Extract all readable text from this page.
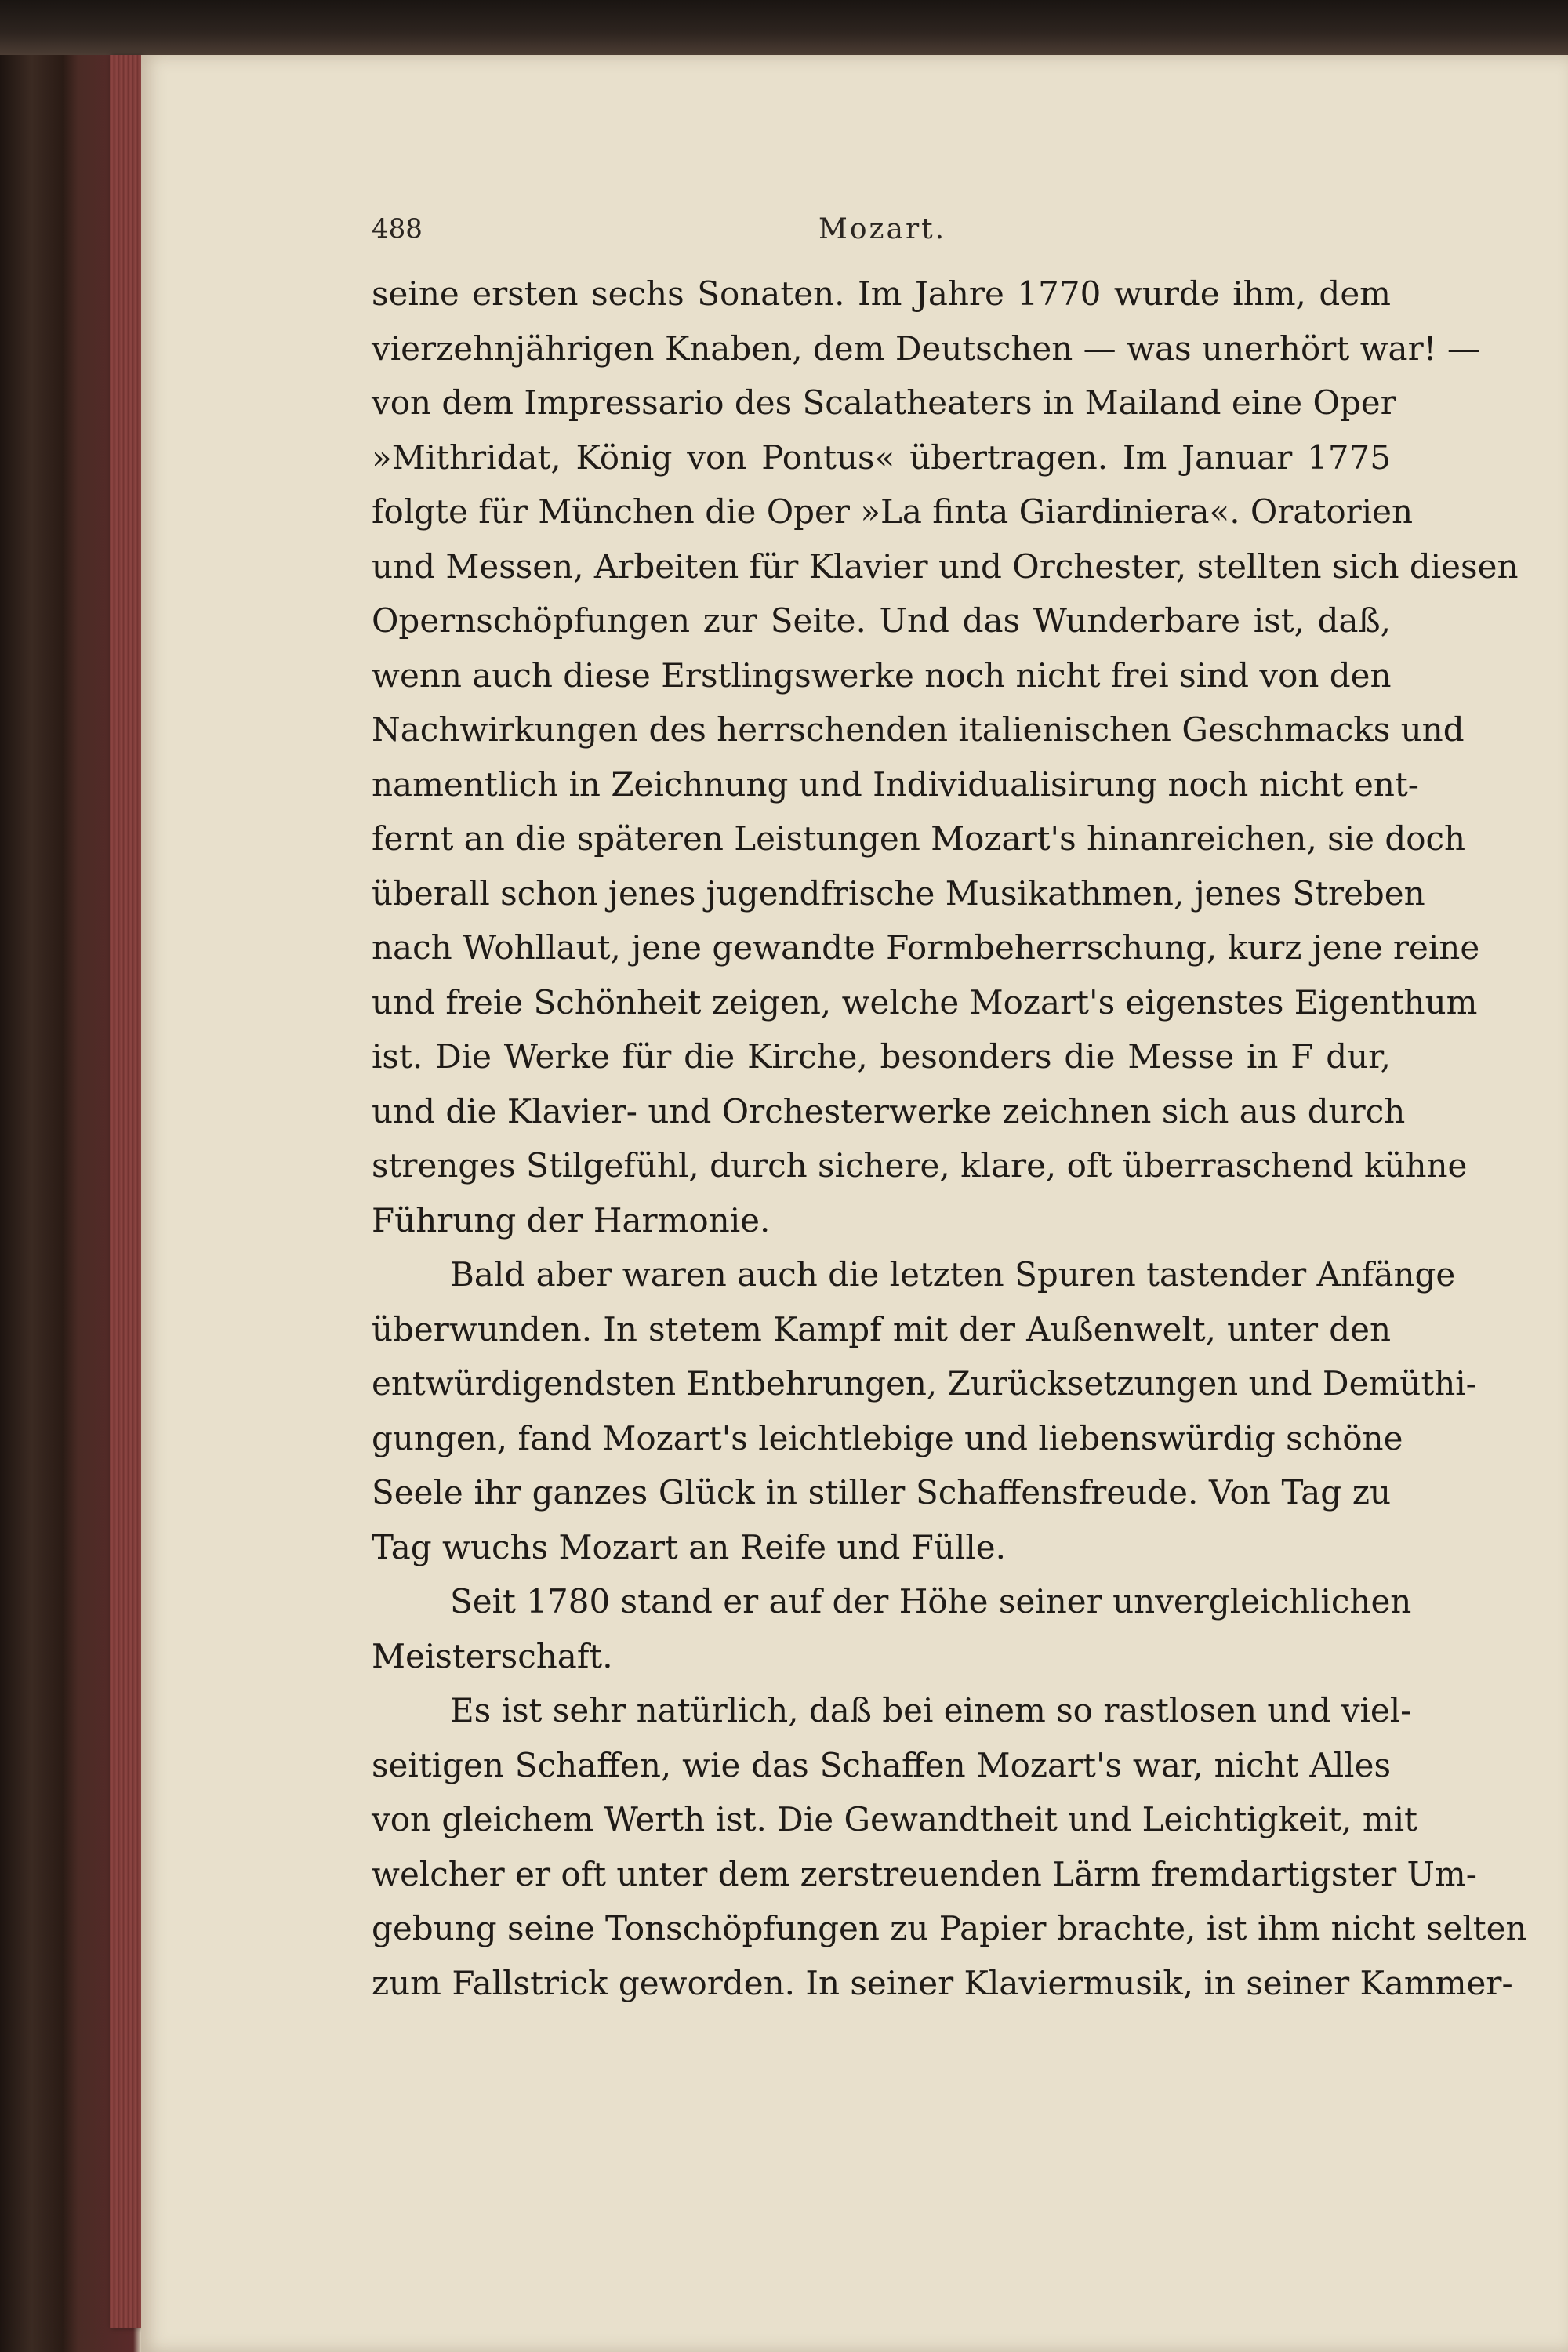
488	Mozart.
seine ersten sechs Sonaten. Im Jahre 1770 wurde ihm, dem
vierzehnjährigen Knaben, dem Deutschen — was unerhört war! —
von dem Impressario des Scalatheaters in Mailand eine Oper
»Mithridat, König von Pontus« übertragen. Im Januar 1775
folgte für München die Oper »La finta Giardiniera«. Oratorien
und Messen, Arbeiten für Klavier und Orchester, stellten sich diesen
Opernschöpfungen zur Seite. Und das Wunderbare ist, daß,
wenn auch diese Erstlingswerke noch nicht frei sind von den
Nachwirkungen des herrschenden italienischen Geschmacks und
namentlich in Zeichnung und Individualisirung noch nicht ent-
fernt an die späteren Leistungen Mozart's hinanreichen, sie doch
überall schon jenes jugendfrische Musikathmen, jenes Streben
nach Wohllaut, jene gewandte Formbeherrschung, kurz jene reine
und freie Schönheit zeigen, welche Mozart's eigenstes Eigenthum
ist. Die Werke für die Kirche, besonders die Messe in F dur,
und die Klavier- und Orchesterwerke zeichnen sich aus durch
strenges Stilgefühl, durch sichere, klare, oft überraschend kühne
Führung der Harmonie.
Bald aber waren auch die letzten Spuren tastender Anfänge
überwunden. In stetem Kampf mit der Außenwelt, unter den
entwürdigendsten Entbehrungen, Zurücksetzungen und Demüthi-
gungen, fand Mozart's leichtlebige und liebenswürdig schöne
Seele ihr ganzes Glück in stiller Schaffensfreude. Von Tag zu
Tag wuchs Mozart an Reife und Fülle.
Seit 1780 stand er auf der Höhe seiner unvergleichlichen
Meisterschaft.
Es ist sehr natürlich, daß bei einem so rastlosen und viel-
seitigen Schaffen, wie das Schaffen Mozart's war, nicht Alles
von gleichem Werth ist. Die Gewandtheit und Leichtigkeit, mit
welcher er oft unter dem zerstreuenden Lärm fremdartigster Um-
gebung seine Tonschöpfungen zu Papier brachte, ist ihm nicht selten
zum Fallstrick geworden. In seiner Klaviermusik, in seiner Kammer-
